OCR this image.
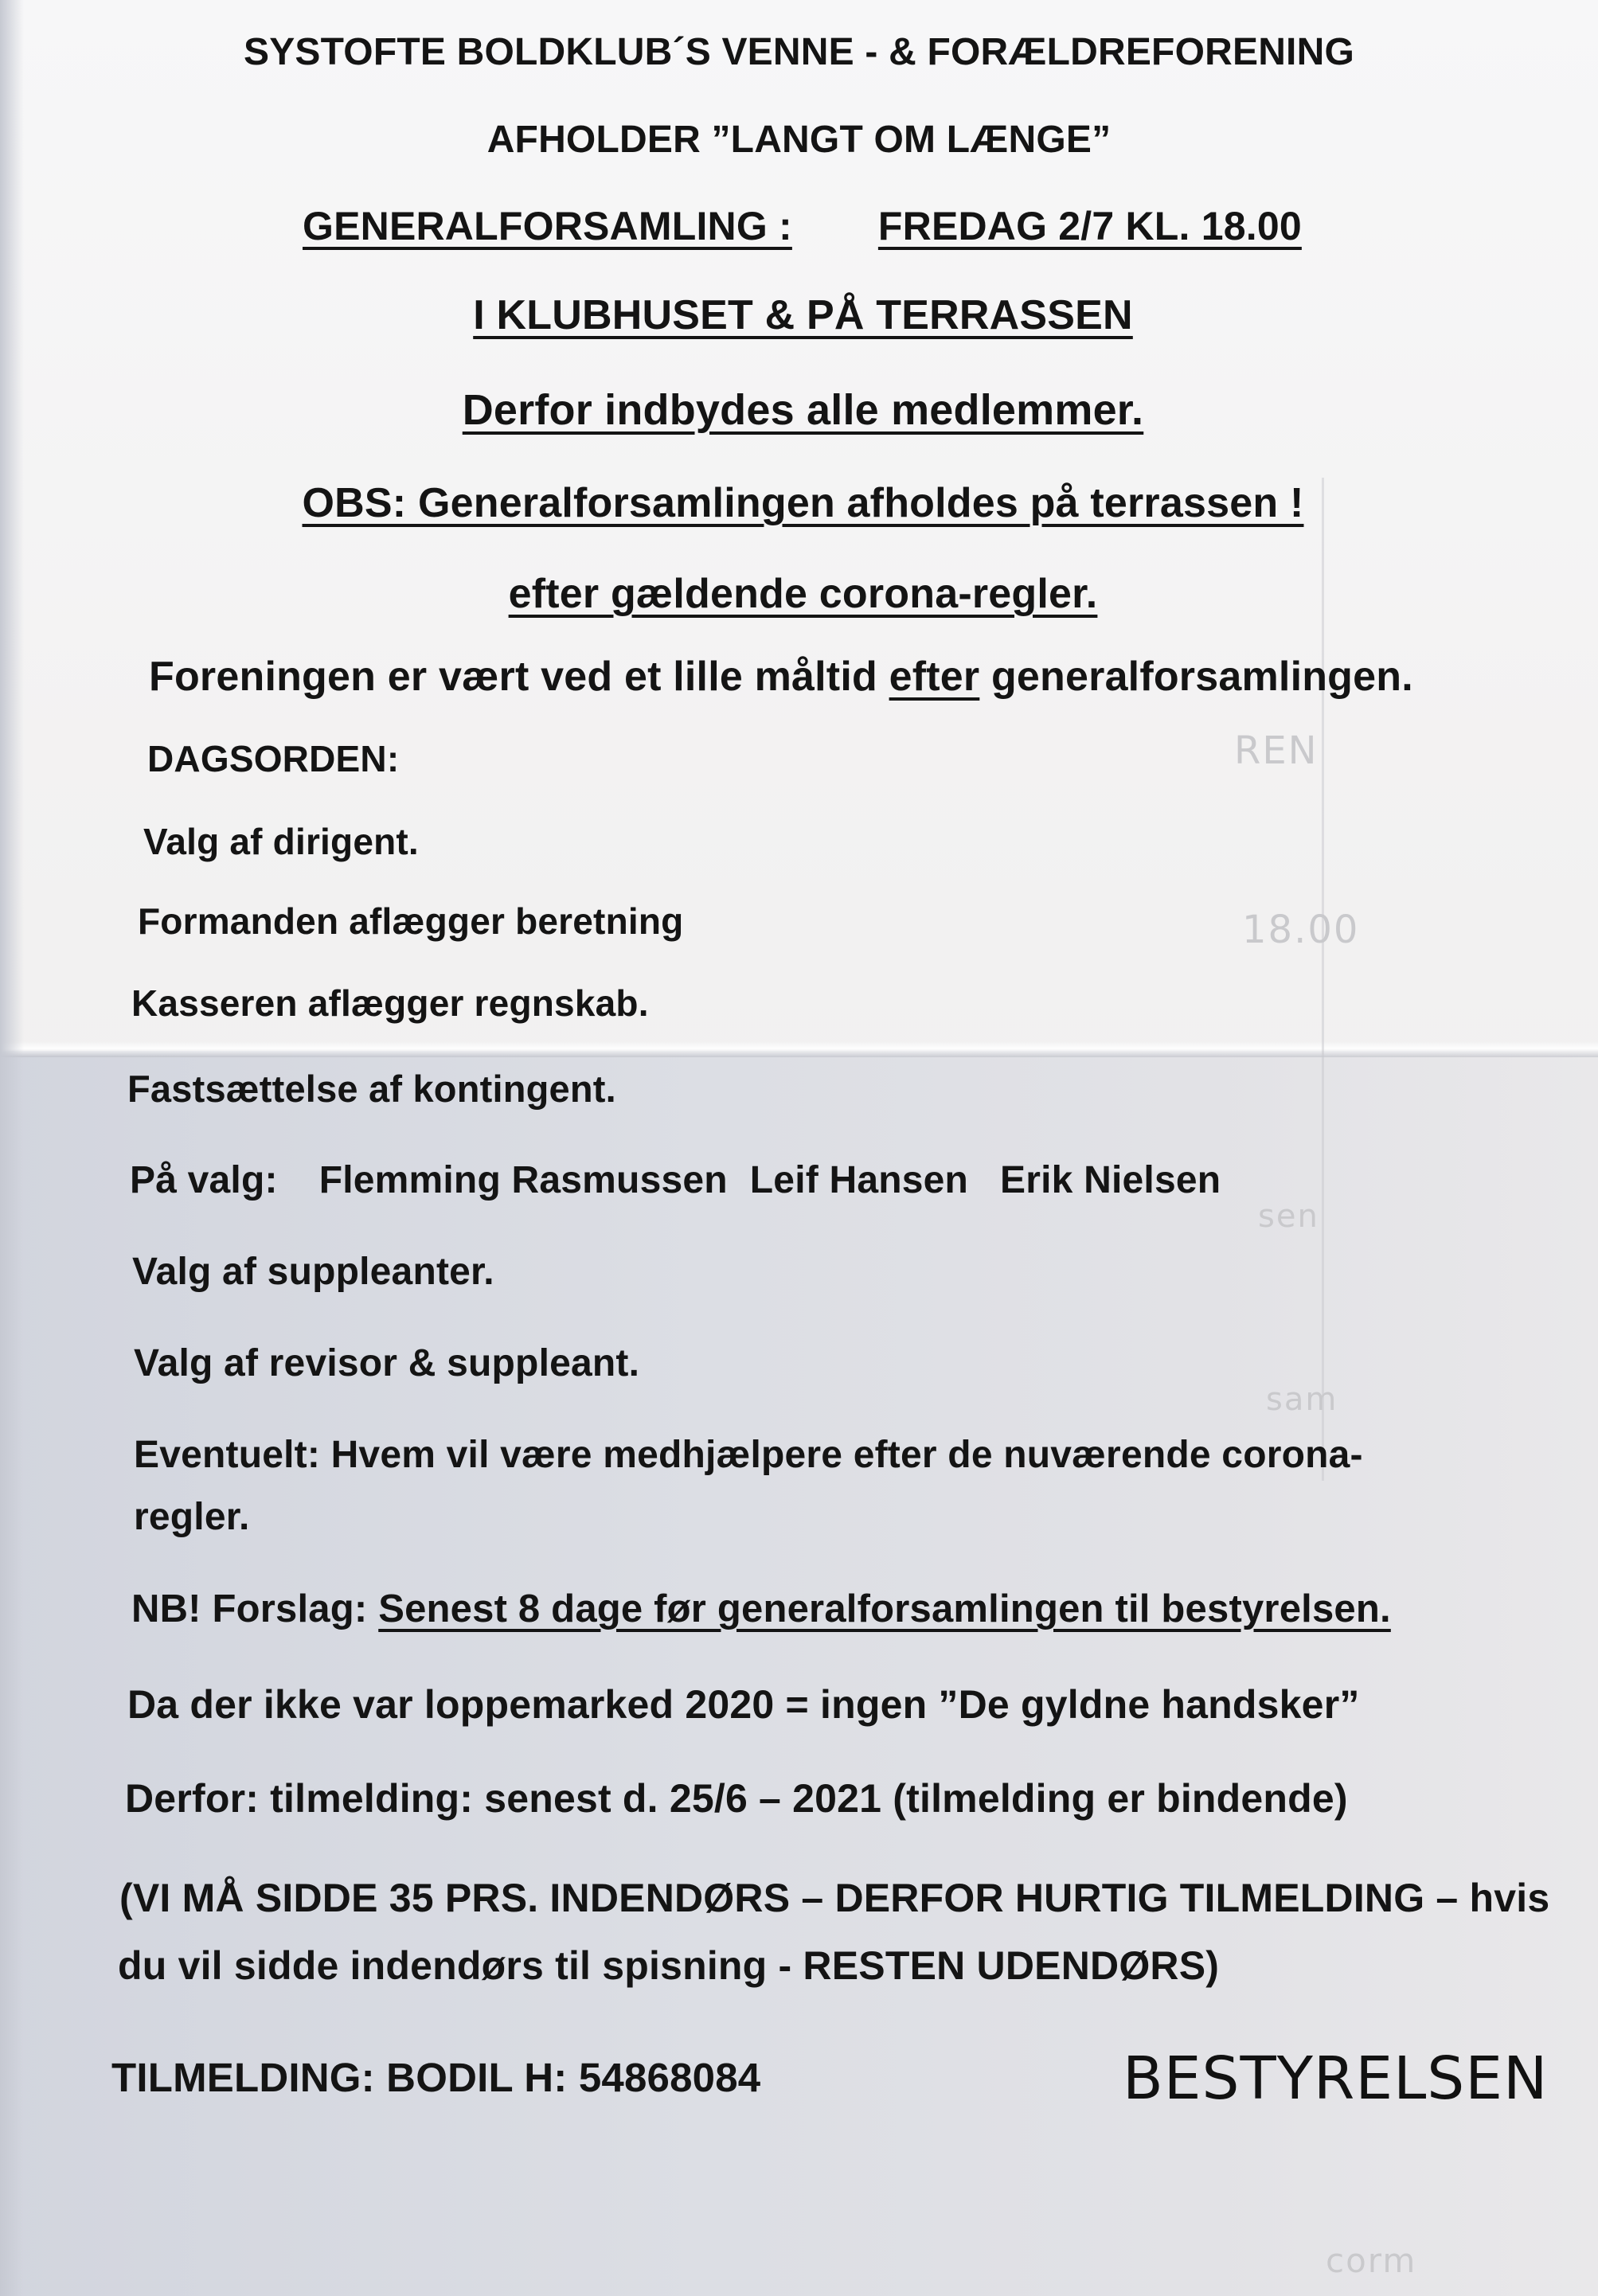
REN
18.00
sen
sam
corm

SYSTOFTE BOLDKLUB´S VENNE - & FORÆLDREFORENING

AFHOLDER ”LANGT OM LÆNGE”

GENERALFORSAMLING : FREDAG 2/7 KL. 18.00

I KLUBHUSET & PÅ TERRASSEN

Derfor indbydes alle medlemmer.

OBS: Generalforsamlingen afholdes på terrassen !

efter gældende corona-regler.

Foreningen er vært ved et lille måltid efter generalforsamlingen.

DAGSORDEN:

Valg af dirigent.

Formanden aflægger beretning

Kasseren aflægger regnskab.

Fastsættelse af kontingent.

På valg: Flemming Rasmussen Leif Hansen Erik Nielsen

Valg af suppleanter.

Valg af revisor & suppleant.

Eventuelt: Hvem vil være medhjælpere efter de nuværende corona-

regler.

NB! Forslag: Senest 8 dage før generalforsamlingen til bestyrelsen.

Da der ikke var loppemarked 2020 = ingen ”De gyldne handsker”

Derfor: tilmelding: senest d. 25/6 – 2021 (tilmelding er bindende)

(VI MÅ SIDDE 35 PRS. INDENDØRS – DERFOR HURTIG TILMELDING – hvis

du vil sidde indendørs til spisning - RESTEN UDENDØRS)

TILMELDING: BODIL H: 54868084	BESTYRELSEN
